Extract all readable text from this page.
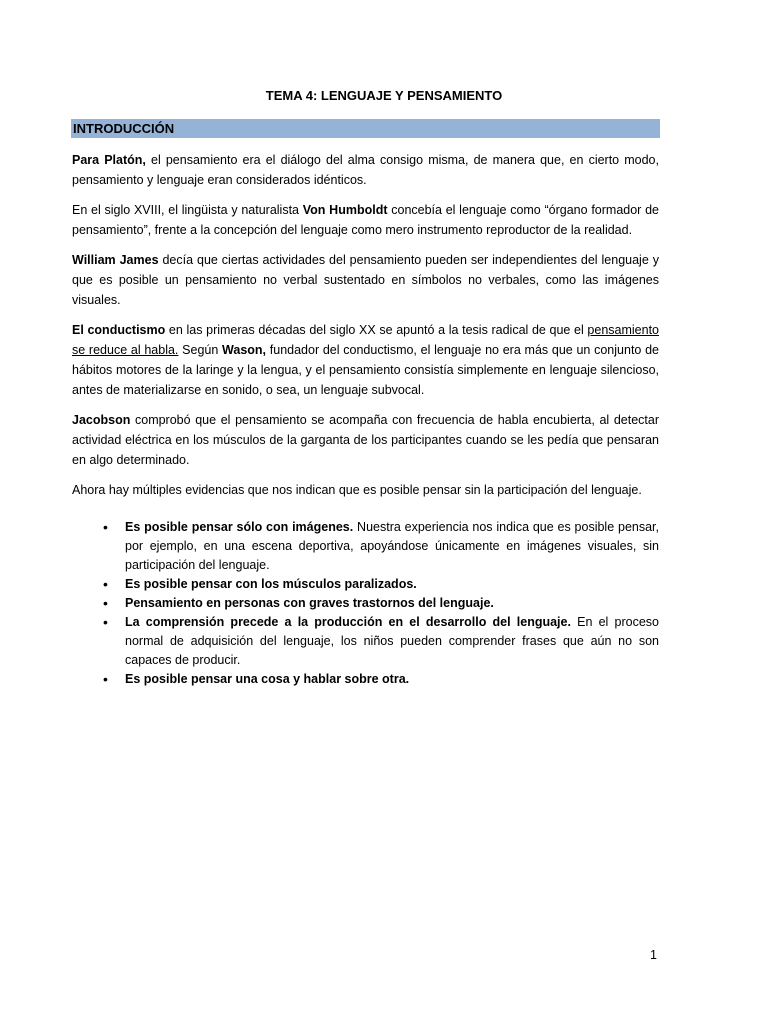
TEMA 4: LENGUAJE Y PENSAMIENTO
INTRODUCCIÓN

Para Platón, el pensamiento era el diálogo del alma consigo misma, de manera que, en cierto modo, pensamiento y lenguaje eran considerados idénticos.

En el siglo XVIII, el lingüista y naturalista Von Humboldt concebía el lenguaje como “órgano formador de pensamiento”, frente a la concepción del lenguaje como mero instrumento reproductor de la realidad.

William James decía que ciertas actividades del pensamiento pueden ser independientes del lenguaje y que es posible un pensamiento no verbal sustentado en símbolos no verbales, como las imágenes visuales.

El conductismo en las primeras décadas del siglo XX se apuntó a la tesis radical de que el pensamiento se reduce al habla. Según Wason, fundador del conductismo, el lenguaje no era más que un conjunto de hábitos motores de la laringe y la lengua, y el pensamiento consistía simplemente en lenguaje silencioso, antes de materializarse en sonido, o sea, un lenguaje subvocal.

Jacobson comprobó que el pensamiento se acompaña con frecuencia de habla encubierta, al detectar actividad eléctrica en los músculos de la garganta de los participantes cuando se les pedía que pensaran en algo determinado.

Ahora hay múltiples evidencias que nos indican que es posible pensar sin la participación del lenguaje.

• Es posible pensar sólo con imágenes. Nuestra experiencia nos indica que es posible pensar, por ejemplo, en una escena deportiva, apoyándose únicamente en imágenes visuales, sin participación del lenguaje.
• Es posible pensar con los músculos paralizados.
• Pensamiento en personas con graves trastornos del lenguaje.
• La comprensión precede a la producción en el desarrollo del lenguaje. En el proceso normal de adquisición del lenguaje, los niños pueden comprender frases que aún no son capaces de producir.
• Es posible pensar una cosa y hablar sobre otra.
1
